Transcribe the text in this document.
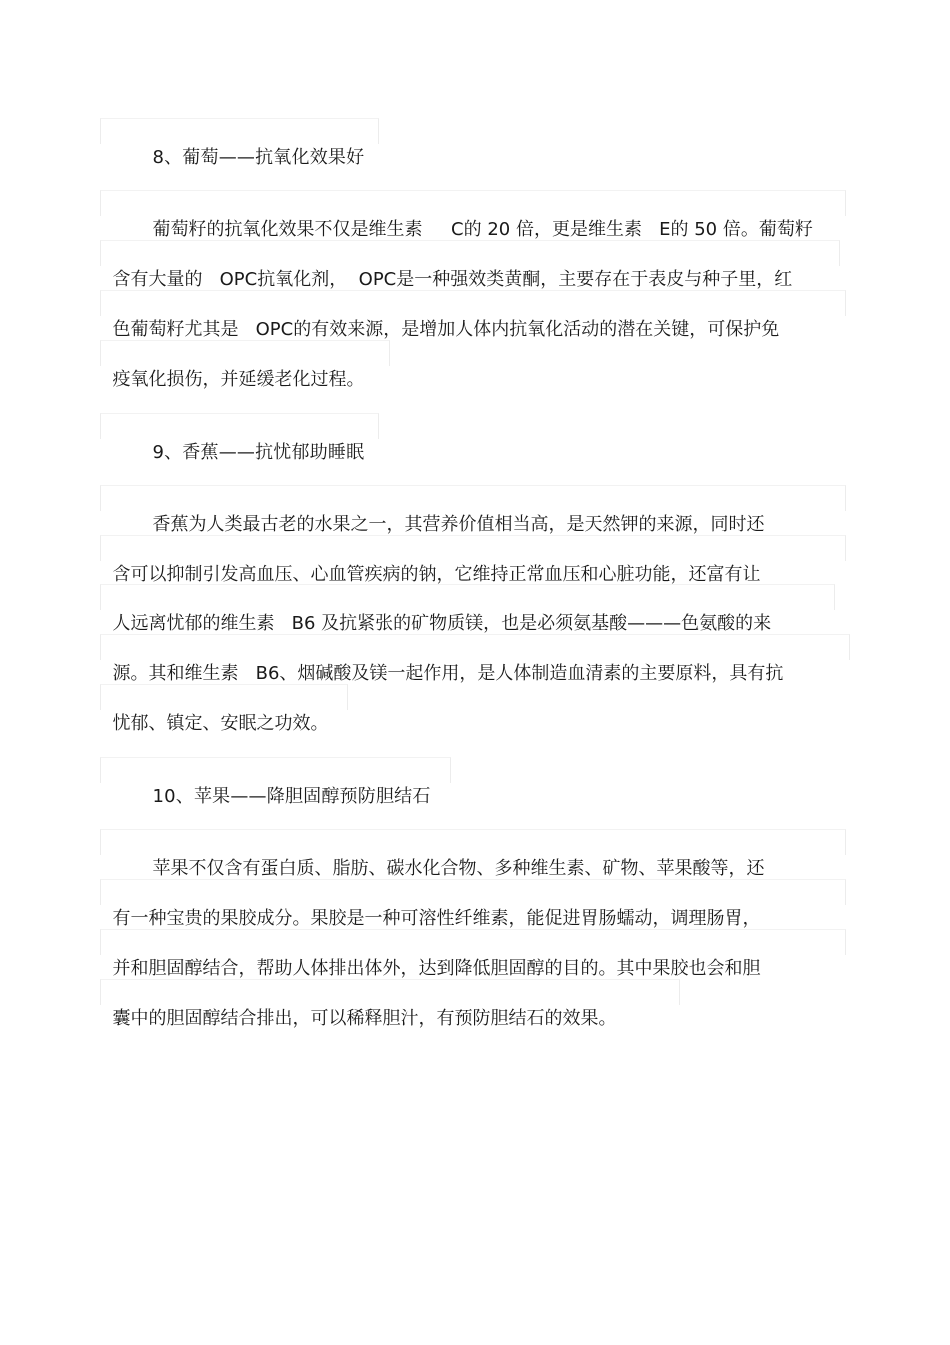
8、葡萄——抗氧化效果好

葡萄籽的抗氧化效果不仅是维生素     C的 20 倍，更是维生素   E的 50 倍。葡萄籽

含有大量的   OPC抗氧化剂，  OPC是一种强效类黄酮，主要存在于表皮与种子里，红

色葡萄籽尤其是   OPC的有效来源，是增加人体内抗氧化活动的潜在关键，可保护免

疫氧化损伤，并延缓老化过程。

9、香蕉——抗忧郁助睡眠

香蕉为人类最古老的水果之一，其营养价值相当高，是天然钾的来源，同时还

含可以抑制引发高血压、心血管疾病的钠，它维持正常血压和心脏功能，还富有让

人远离忧郁的维生素   B6 及抗紧张的矿物质镁，也是必须氨基酸———色氨酸的来

源。其和维生素   B6、烟碱酸及镁一起作用，是人体制造血清素的主要原料，具有抗

忧郁、镇定、安眠之功效。

10、苹果——降胆固醇预防胆结石

苹果不仅含有蛋白质、脂肪、碳水化合物、多种维生素、矿物、苹果酸等，还

有一种宝贵的果胶成分。果胶是一种可溶性纤维素，能促进胃肠蠕动，调理肠胃，

并和胆固醇结合，帮助人体排出体外，达到降低胆固醇的目的。其中果胶也会和胆

囊中的胆固醇结合排出，可以稀释胆汁，有预防胆结石的效果。
